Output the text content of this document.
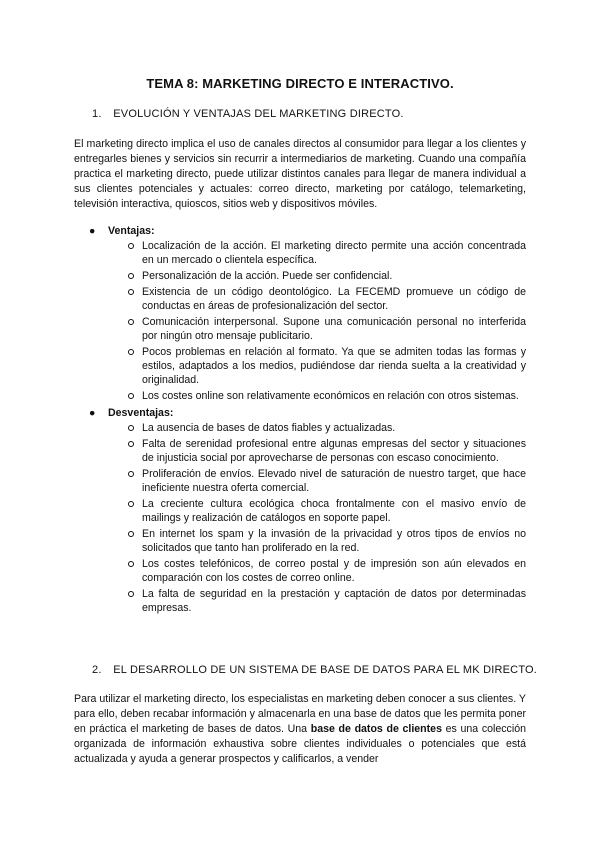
TEMA 8: MARKETING DIRECTO E INTERACTIVO.
1. EVOLUCIÓN Y VENTAJAS DEL MARKETING DIRECTO.
El marketing directo implica el uso de canales directos al consumidor para llegar a los clientes y entregarles bienes y servicios sin recurrir a intermediarios de marketing. Cuando una compañía practica el marketing directo, puede utilizar distintos canales para llegar de manera individual a sus clientes potenciales y actuales: correo directo, marketing por catálogo, telemarketing, televisión interactiva, quioscos, sitios web y dispositivos móviles.
● Ventajas:
Localización de la acción. El marketing directo permite una acción concentrada en un mercado o clientela específica.
Personalización de la acción. Puede ser confidencial.
Existencia de un código deontológico. La FECEMD promueve un código de conductas en áreas de profesionalización del sector.
Comunicación interpersonal. Supone una comunicación personal no interferida por ningún otro mensaje publicitario.
Pocos problemas en relación al formato. Ya que se admiten todas las formas y estilos, adaptados a los medios, pudiéndose dar rienda suelta a la creatividad y originalidad.
Los costes online son relativamente económicos en relación con otros sistemas.
● Desventajas:
La ausencia de bases de datos fiables y actualizadas.
Falta de serenidad profesional entre algunas empresas del sector y situaciones de injusticia social por aprovecharse de personas con escaso conocimiento.
Proliferación de envíos. Elevado nivel de saturación de nuestro target, que hace ineficiente nuestra oferta comercial.
La creciente cultura ecológica choca frontalmente con el masivo envío de mailings y realización de catálogos en soporte papel.
En internet los spam y la invasión de la privacidad y otros tipos de envíos no solicitados que tanto han proliferado en la red.
Los costes telefónicos, de correo postal y de impresión son aún elevados en comparación con los costes de correo online.
La falta de seguridad en la prestación y captación de datos por determinadas empresas.
2. EL DESARROLLO DE UN SISTEMA DE BASE DE DATOS PARA EL MK DIRECTO.
Para utilizar el marketing directo, los especialistas en marketing deben conocer a sus clientes. Y para ello, deben recabar información y almacenarla en una base de datos que les permita poner en práctica el marketing de bases de datos. Una base de datos de clientes es una colección organizada de información exhaustiva sobre clientes individuales o potenciales que está actualizada y ayuda a generar prospectos y calificarlos, a vender
